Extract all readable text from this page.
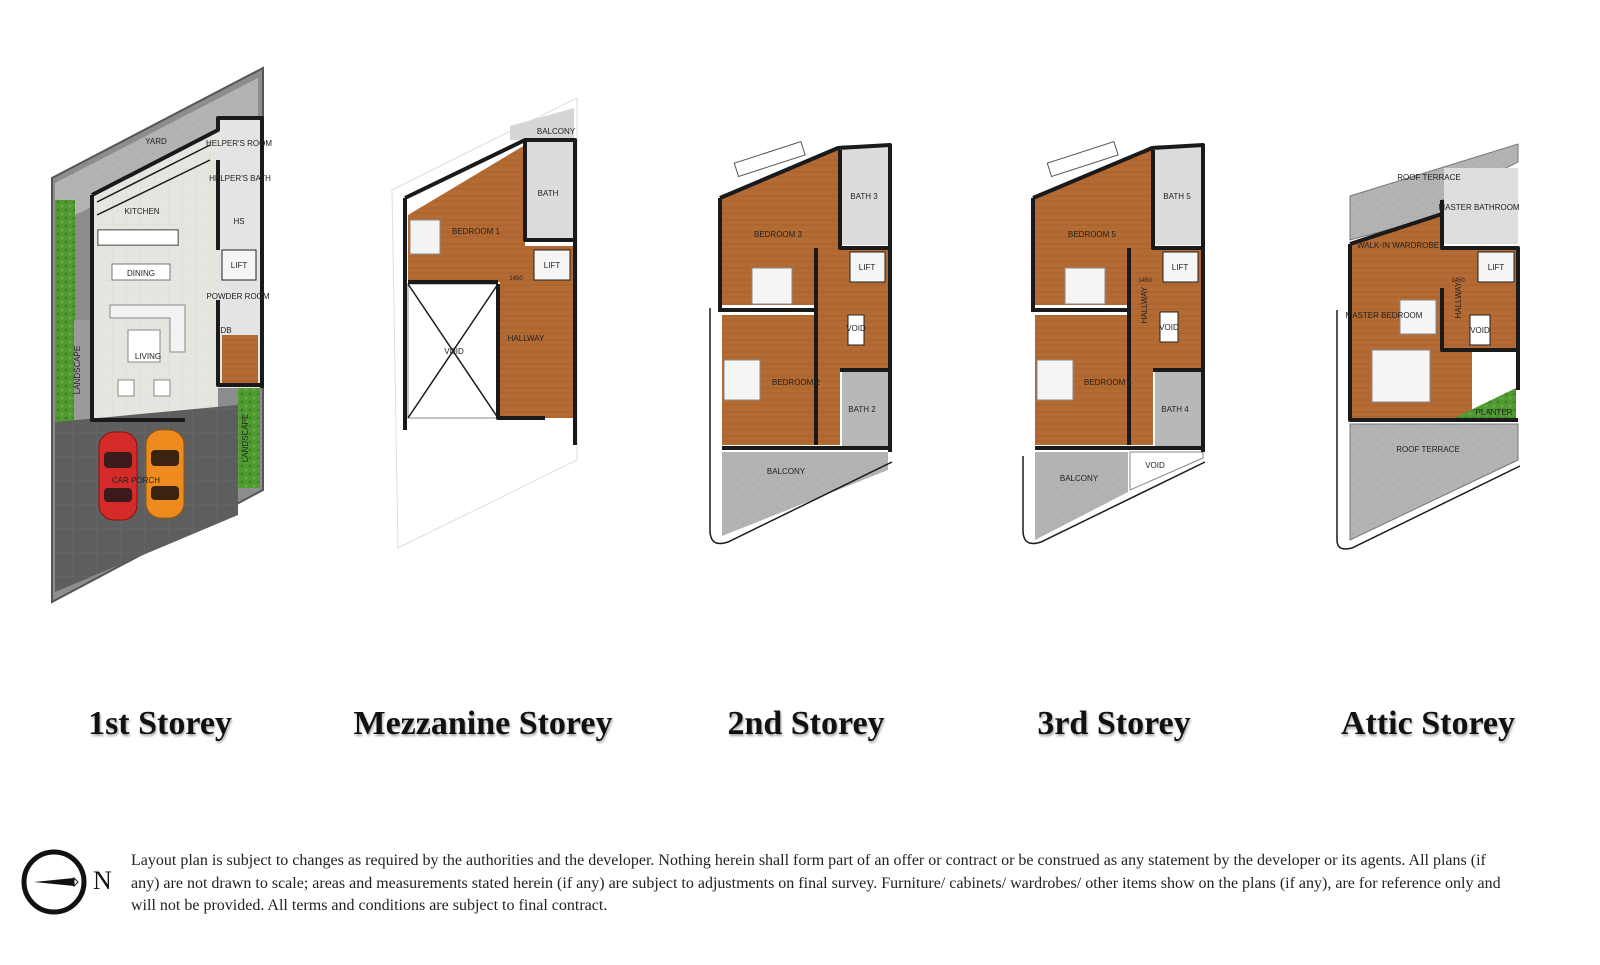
YARD	HELPER'S ROOM
HELPER'S BATH
KITCHEN
HS
DINING
LIFT
POWDER ROOM
DB
LIVING
LANDSCAPE
LANDSCAPE
CAR PORCH
BALCONY
BATH
BEDROOM 1
LIFT
1450
HALLWAY
VOID
BEDROOM 3
BATH 3
LIFT
VOID
BEDROOM 2
BATH 2
BALCONY
BEDROOM 5
BATH 5
LIFT
1450
HALLWAY
VOID
BEDROOM 4
BATH 4
BALCONY
VOID
ROOF TERRACE
MASTER BATHROOM
WALK-IN WARDROBE
LIFT
1450
HALLWAY
MASTER BEDROOM
VOID
PLANTER
ROOF TERRACE
1st Storey	Mezzanine Storey	2nd Storey	3rd Storey	Attic Storey
N
Layout plan is subject to changes as required by the authorities and the developer. Nothing herein shall form part of an offer or contract or be construed as any statement by the developer or its agents. All plans (if any) are not drawn to scale; areas and measurements stated herein (if any) are subject to adjustments on final survey. Furniture/ cabinets/ wardrobes/ other items show on the plans (if any), are for reference only and will not be provided. All terms and conditions are subject to final contract.
